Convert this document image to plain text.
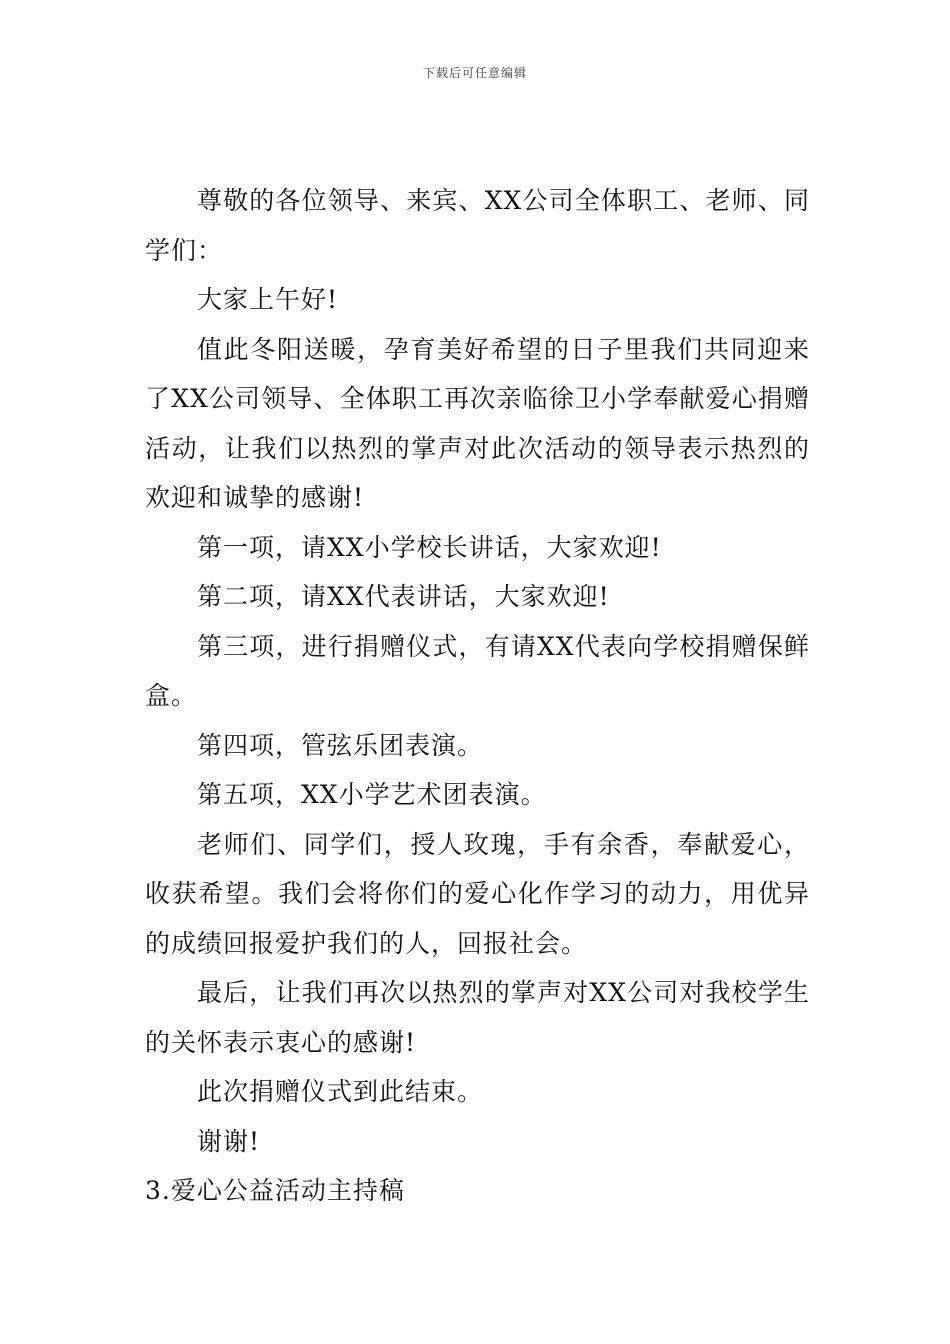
下载后可任意编辑

尊敬的各位领导、来宾、XX公司全体职工、老师、同学们：

大家上午好!

值此冬阳送暖，孕育美好希望的日子里我们共同迎来了XX公司领导、全体职工再次亲临徐卫小学奉献爱心捐赠活动，让我们以热烈的掌声对此次活动的领导表示热烈的欢迎和诚挚的感谢!

第一项，请XX小学校长讲话，大家欢迎!

第二项，请XX代表讲话，大家欢迎!

第三项，进行捐赠仪式，有请XX代表向学校捐赠保鲜盒。

第四项，管弦乐团表演。

第五项，XX小学艺术团表演。

老师们、同学们，授人玫瑰，手有余香，奉献爱心，收获希望。我们会将你们的爱心化作学习的动力，用优异的成绩回报爱护我们的人，回报社会。

最后，让我们再次以热烈的掌声对XX公司对我校学生的关怀表示衷心的感谢!

此次捐赠仪式到此结束。

谢谢!

3.爱心公益活动主持稿
